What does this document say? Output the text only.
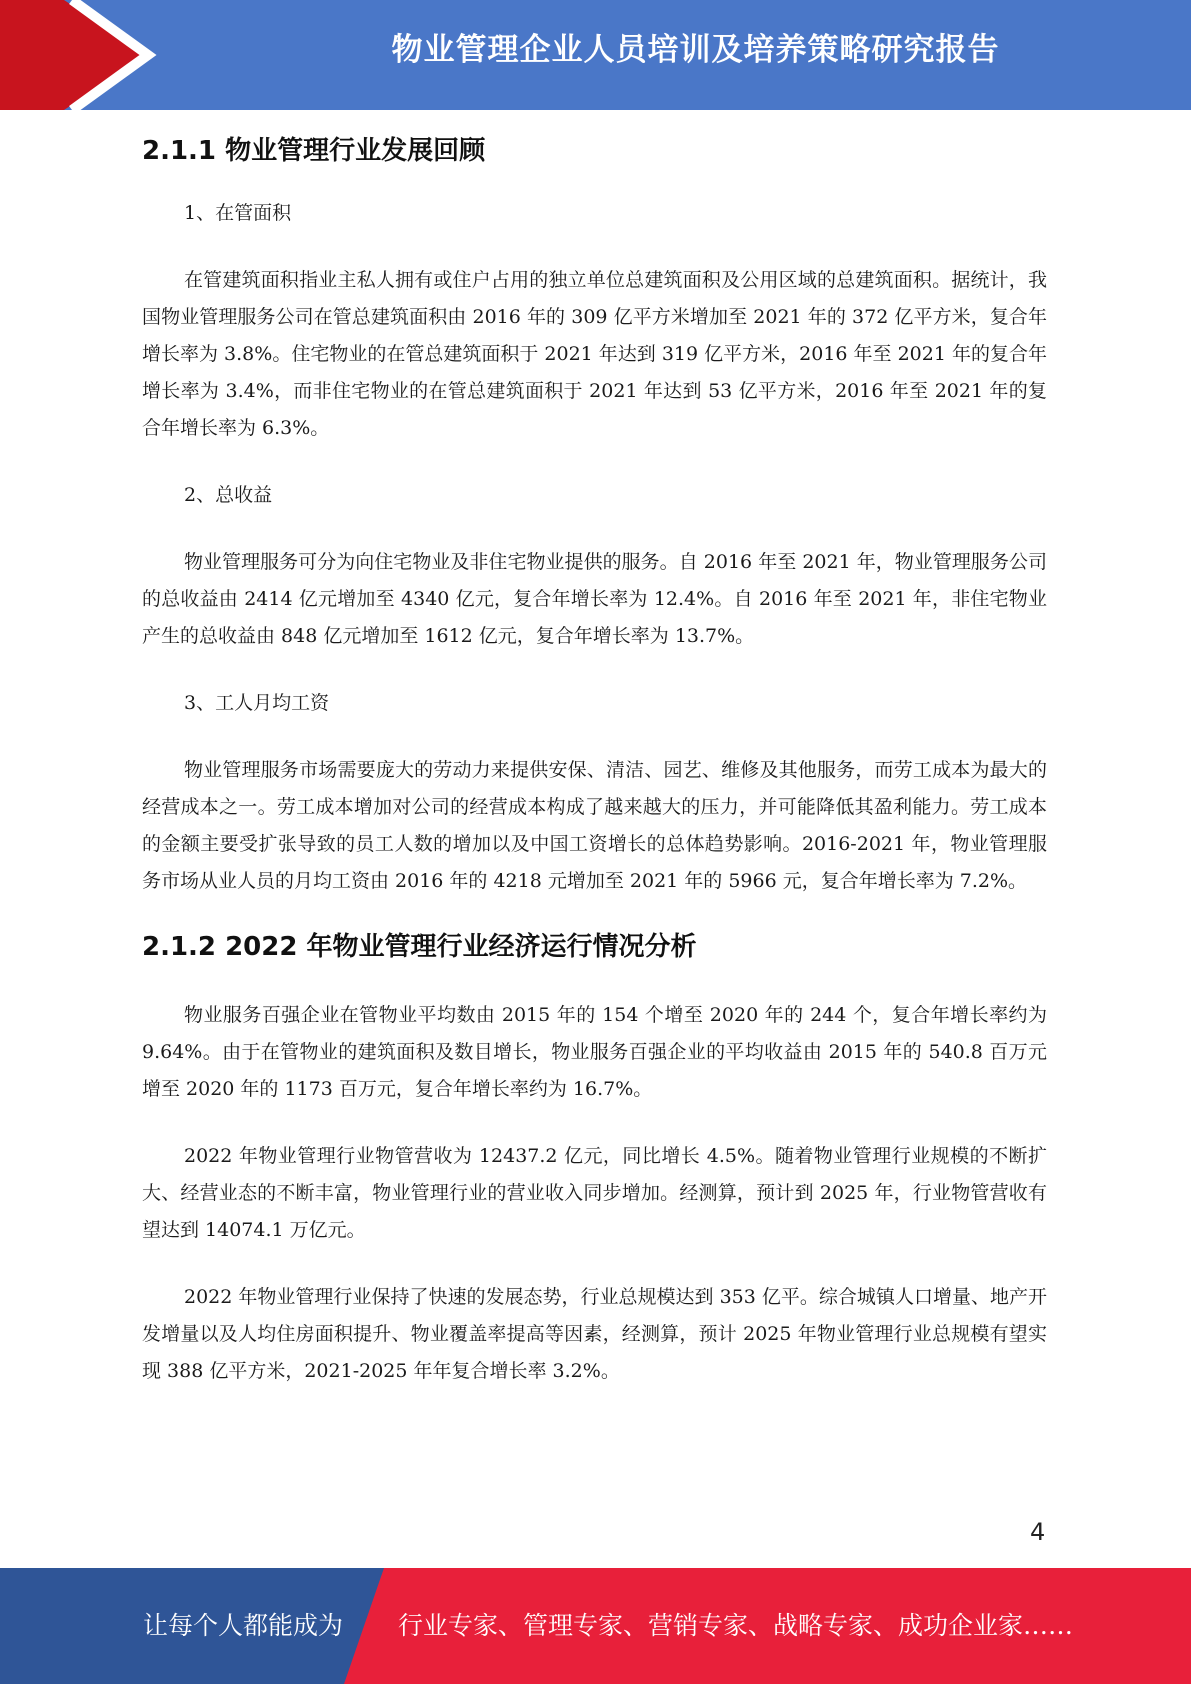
物业管理企业人员培训及培养策略研究报告
2.1.1 物业管理行业发展回顾

1、在管面积

在管建筑面积指业主私人拥有或住户占用的独立单位总建筑面积及公用区域的总建筑面积。据统计，我国物业管理服务公司在管总建筑面积由 2016 年的 309 亿平方米增加至 2021 年的 372 亿平方米，复合年增长率为 3.8%。住宅物业的在管总建筑面积于 2021 年达到 319 亿平方米，2016 年至 2021 年的复合年增长率为 3.4%，而非住宅物业的在管总建筑面积于 2021 年达到 53 亿平方米，2016 年至 2021 年的复合年增长率为 6.3%。

2、总收益

物业管理服务可分为向住宅物业及非住宅物业提供的服务。自 2016 年至 2021 年，物业管理服务公司的总收益由 2414 亿元增加至 4340 亿元，复合年增长率为 12.4%。自 2016 年至 2021 年，非住宅物业产生的总收益由 848 亿元增加至 1612 亿元，复合年增长率为 13.7%。

3、工人月均工资

物业管理服务市场需要庞大的劳动力来提供安保、清洁、园艺、维修及其他服务，而劳工成本为最大的经营成本之一。劳工成本增加对公司的经营成本构成了越来越大的压力，并可能降低其盈利能力。劳工成本的金额主要受扩张导致的员工人数的增加以及中国工资增长的总体趋势影响。2016-2021 年，物业管理服务市场从业人员的月均工资由 2016 年的 4218 元增加至 2021 年的 5966 元，复合年增长率为 7.2%。

2.1.2 2022 年物业管理行业经济运行情况分析

物业服务百强企业在管物业平均数由 2015 年的 154 个增至 2020 年的 244 个，复合年增长率约为 9.64%。由于在管物业的建筑面积及数目增长，物业服务百强企业的平均收益由 2015 年的 540.8 百万元增至 2020 年的 1173 百万元，复合年增长率约为 16.7%。

2022 年物业管理行业物管营收为 12437.2 亿元，同比增长 4.5%。随着物业管理行业规模的不断扩大、经营业态的不断丰富，物业管理行业的营业收入同步增加。经测算，预计到 2025 年，行业物管营收有望达到 14074.1 万亿元。

2022 年物业管理行业保持了快速的发展态势，行业总规模达到 353 亿平。综合城镇人口增量、地产开发增量以及人均住房面积提升、物业覆盖率提高等因素，经测算，预计 2025 年物业管理行业总规模有望实现 388 亿平方米，2021-2025 年年复合增长率 3.2%。

4
让每个人都能成为 行业专家、管理专家、营销专家、战略专家、成功企业家……
